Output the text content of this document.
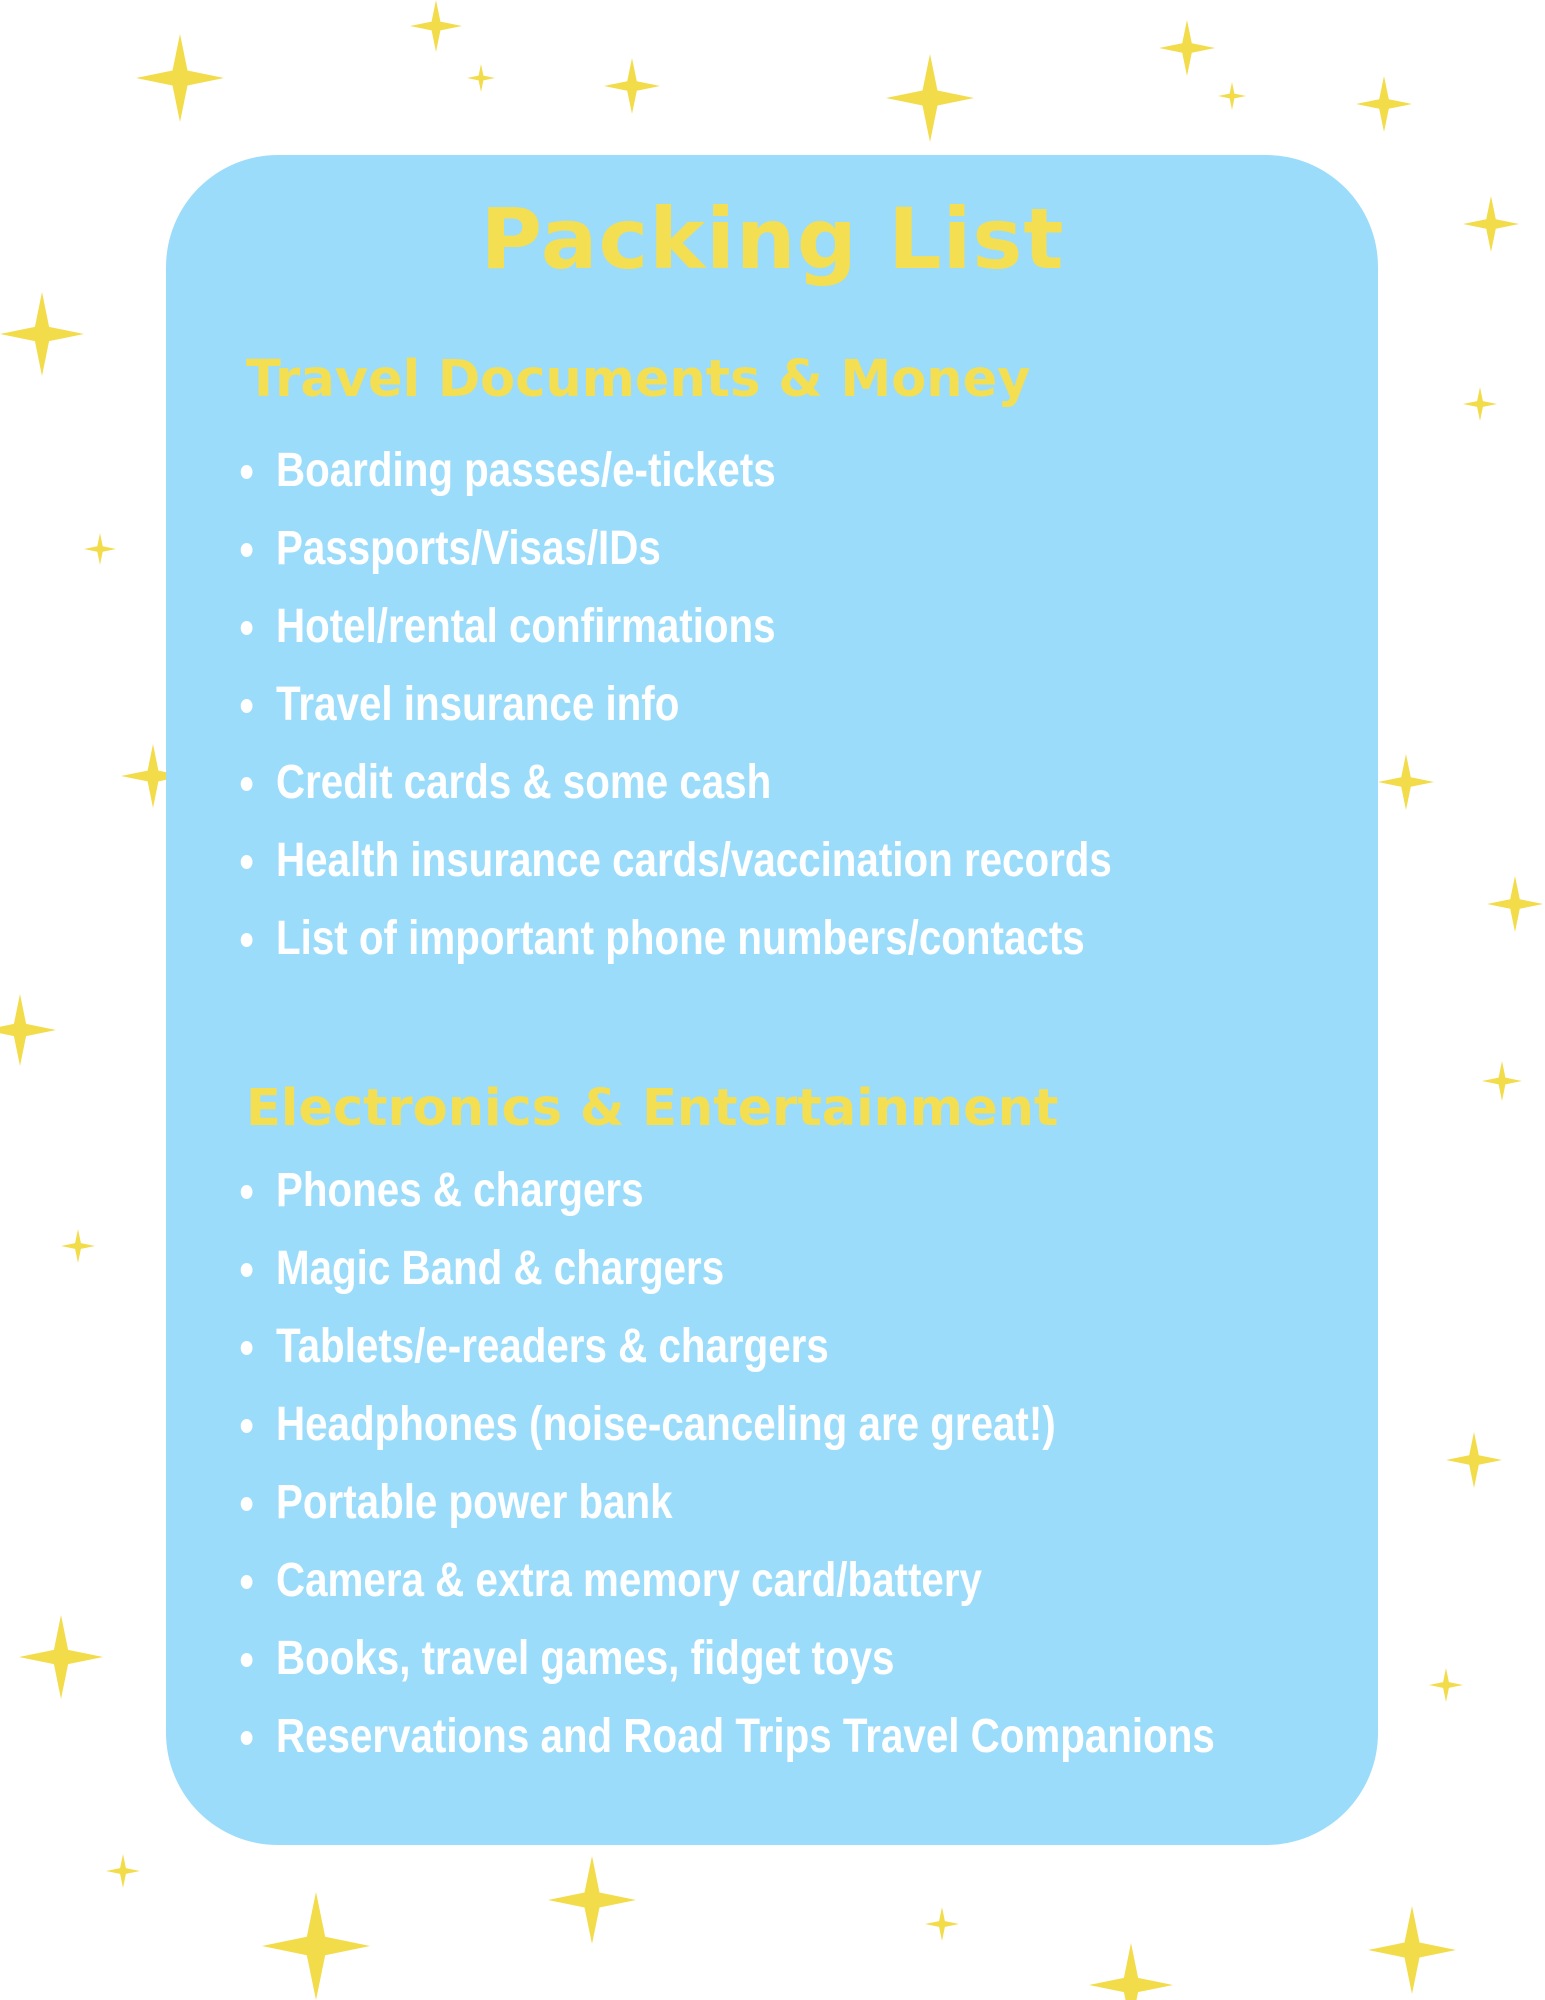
Packing List
Travel Documents & Money
Boarding passes/e-tickets
Passports/Visas/IDs
Hotel/rental confirmations
Travel insurance info
Credit cards & some cash
Health insurance cards/vaccination records
List of important phone numbers/contacts
Electronics & Entertainment
Phones & chargers
Magic Band & chargers
Tablets/e-readers & chargers
Headphones (noise-canceling are great!)
Portable power bank
Camera & extra memory card/battery
Books, travel games, fidget toys
Reservations and Road Trips Travel Companions
